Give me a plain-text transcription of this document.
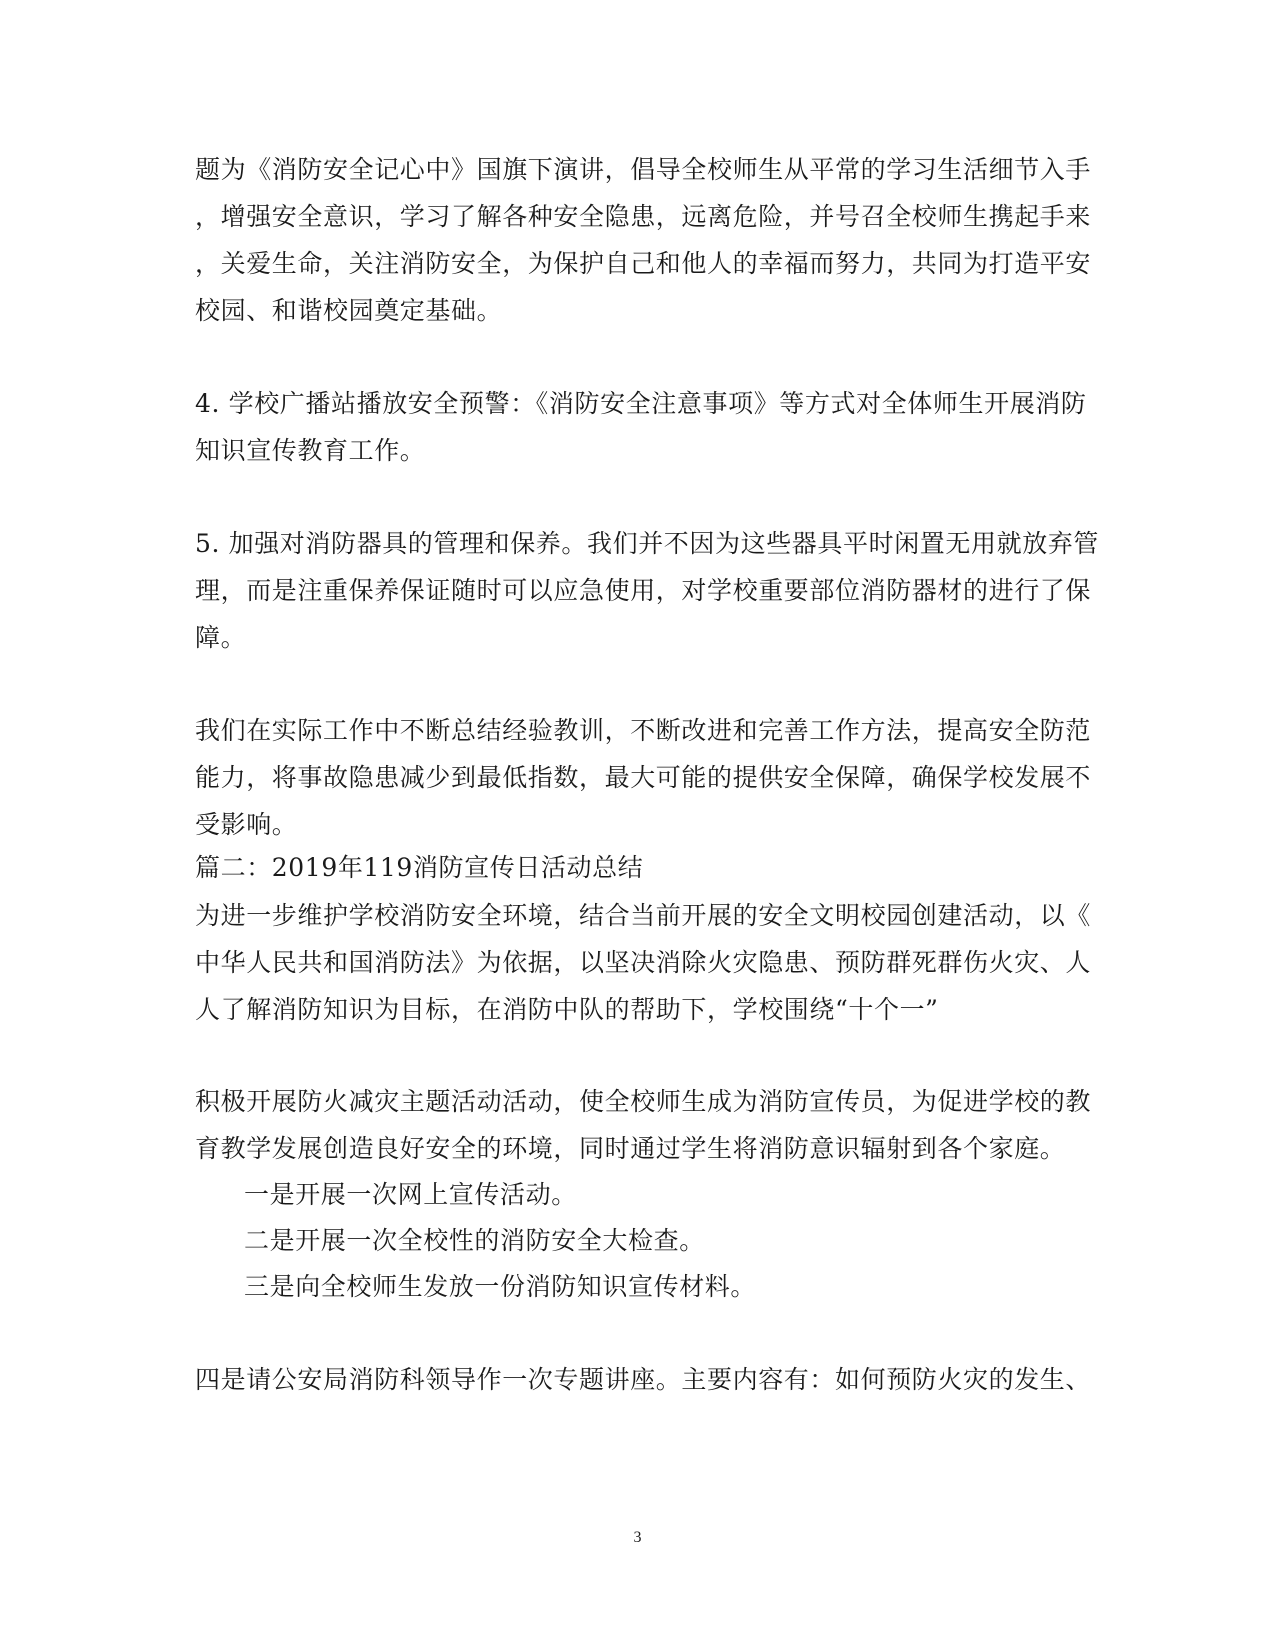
题为《消防安全记心中》国旗下演讲，倡导全校师生从平常的学习生活细节入手
，增强安全意识，学习了解各种安全隐患，远离危险，并号召全校师生携起手来
，关爱生命，关注消防安全，为保护自己和他人的幸福而努力，共同为打造平安
校园、和谐校园奠定基础。
4. 学校广播站播放安全预警：《消防安全注意事项》等方式对全体师生开展消防
知识宣传教育工作。
5. 加强对消防器具的管理和保养。我们并不因为这些器具平时闲置无用就放弃管
理，而是注重保养保证随时可以应急使用，对学校重要部位消防器材的进行了保
障。
我们在实际工作中不断总结经验教训，不断改进和完善工作方法，提高安全防范
能力，将事故隐患减少到最低指数，最大可能的提供安全保障，确保学校发展不
受影响。
篇二：2019年119消防宣传日活动总结
为进一步维护学校消防安全环境，结合当前开展的安全文明校园创建活动，以《
中华人民共和国消防法》为依据，以坚决消除火灾隐患、预防群死群伤火灾、人
人了解消防知识为目标，在消防中队的帮助下，学校围绕“十个一”
积极开展防火减灾主题活动活动，使全校师生成为消防宣传员，为促进学校的教
育教学发展创造良好安全的环境，同时通过学生将消防意识辐射到各个家庭。
一是开展一次网上宣传活动。
二是开展一次全校性的消防安全大检查。
三是向全校师生发放一份消防知识宣传材料。
四是请公安局消防科领导作一次专题讲座。主要内容有：如何预防火灾的发生、
3
